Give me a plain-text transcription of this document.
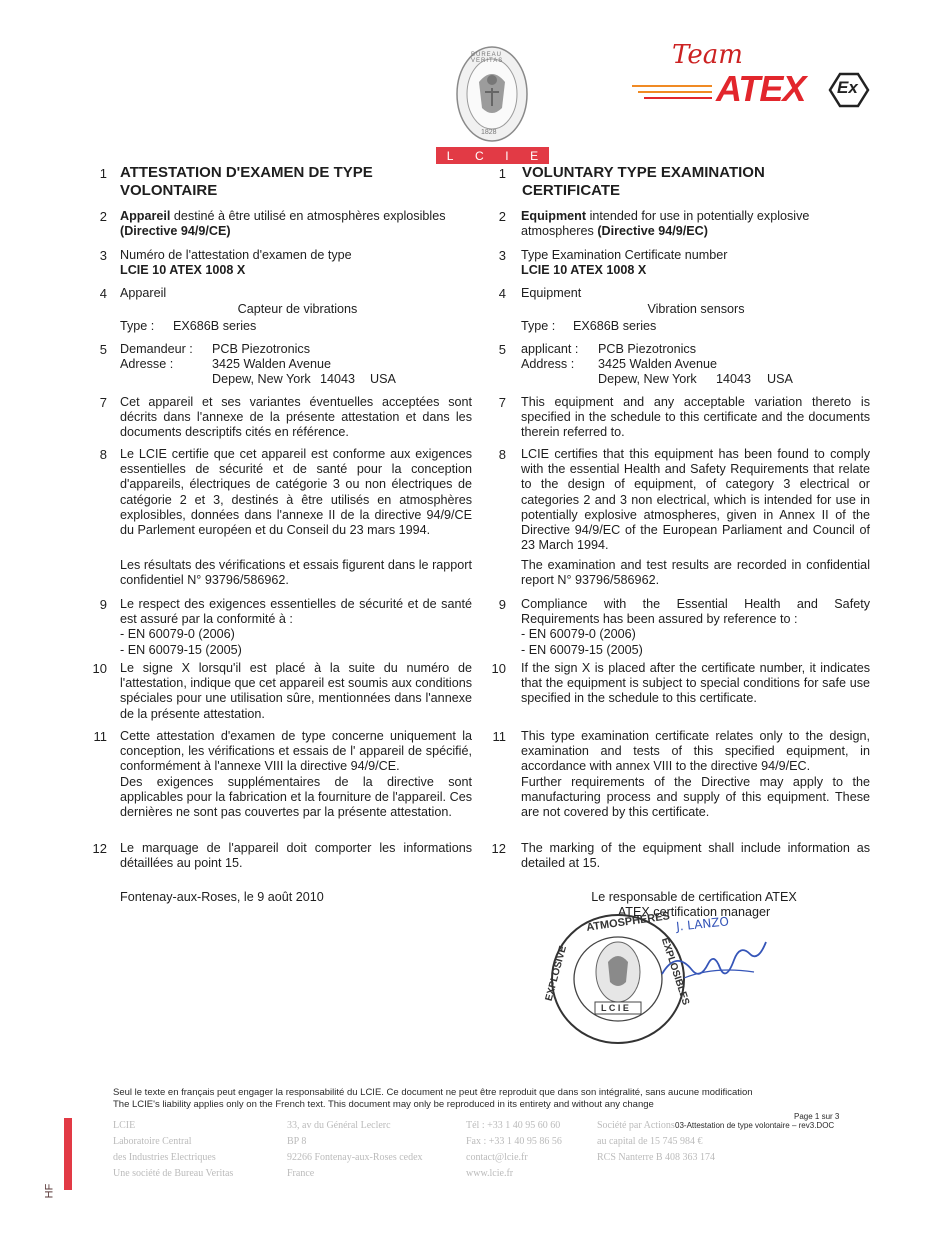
BUREAU VERITAS
1828
L C I E
Team
ATEX Ex
1 ATTESTATION D'EXAMEN DE TYPE VOLONTAIRE
2 Appareil destiné à être utilisé en atmosphères explosibles
(Directive 94/9/CE)
3 Numéro de l'attestation d'examen de type
LCIE 10 ATEX 1008 X
4 Appareil
Capteur de vibrations
Type : EX686B series
5 Demandeur : PCB Piezotronics
Adresse :	3425 Walden Avenue
Depew, New York 14043 USA
7 Cet appareil et ses variantes éventuelles acceptées sont décrits dans l'annexe de la présente attestation et dans les documents descriptifs cités en référence.
8 Le LCIE certifie que cet appareil est conforme aux exigences essentielles de sécurité et de santé pour la conception d'appareils, électriques de catégorie 3 ou non électriques de catégorie 2 et 3, destinés à être utilisés en atmosphères explosibles, données dans l'annexe II de la directive 94/9/CE du Parlement européen et du Conseil du 23 mars 1994.
Les résultats des vérifications et essais figurent dans le rapport confidentiel N° 93796/586962.
9 Le respect des exigences essentielles de sécurité et de santé est assuré par la conformité à :
- EN 60079-0 (2006)
- EN 60079-15 (2005)
10 Le signe X lorsqu'il est placé à la suite du numéro de l'attestation, indique que cet appareil est soumis aux conditions spéciales pour une utilisation sûre, mentionnées dans l'annexe de la présente attestation.
11 Cette attestation d'examen de type concerne uniquement la conception, les vérifications et essais de l' appareil de spécifié, conformément à l'annexe VIII la directive 94/9/CE.
Des exigences supplémentaires de la directive sont applicables pour la fabrication et la fourniture de l'appareil. Ces dernières ne sont pas couvertes par la présente attestation.
12 Le marquage de l'appareil doit comporter les informations détaillées au point 15.
Fontenay-aux-Roses, le 9 août 2010
1 VOLUNTARY TYPE EXAMINATION CERTIFICATE
2 Equipment intended for use in potentially explosive atmospheres (Directive 94/9/EC)
3 Type Examination Certificate number
LCIE 10 ATEX 1008 X
4 Equipment
Vibration sensors
Type : EX686B series
5 applicant : PCB Piezotronics
Address : 3425 Walden Avenue
Depew, New York 14043 USA
7 This equipment and any acceptable variation thereto is specified in the schedule to this certificate and the documents therein referred to.
8 LCIE certifies that this equipment has been found to comply with the essential Health and Safety Requirements that relate to the design of equipment, of category 3 electrical or categories 2 and 3 non electrical, which is intended for use in potentially explosive atmospheres, given in Annex II of the Directive 94/9/EC of the European Parliament and Council of 23 March 1994.
The examination and test results are recorded in confidential report N° 93796/586962.
9 Compliance with the Essential Health and Safety Requirements has been assured by reference to :
- EN 60079-0 (2006)
- EN 60079-15 (2005)
10 If the sign X is placed after the certificate number, it indicates that the equipment is subject to special conditions for safe use specified in the schedule to this certificate.
11 This type examination certificate relates only to the design, examination and tests of this specified equipment, in accordance with annex VIII to the directive 94/9/EC.
Further requirements of the Directive may apply to the manufacturing process and supply of this equipment. These are not covered by this certificate.
12 The marking of the equipment shall include information as detailed at 15.
Le responsable de certification ATEX
ATEX certification manager
ATMOSPHERES
EXPLOSIVE	EXPLOSIBLES
L C I E
J. LANZO
Seul le texte en français peut engager la responsabilité du LCIE. Ce document ne peut être reproduit que dans son intégralité, sans aucune modification
The LCIE's liability applies only on the French text. This document may only be reproduced in its entirety and without any change
Page 1 sur 3
03-Attestation de type volontaire – rev3.DOC
HF
LCIE
Laboratoire Central
des Industries Electriques
Une société de Bureau Veritas
33, av du Général Leclerc
BP 8
92266 Fontenay-aux-Roses cedex
France
Tél : +33 1 40 95 60 60
Fax : +33 1 40 95 86 56
contact@lcie.fr
www.lcie.fr
Société par Actions
au capital de 15 745 984 €
RCS Nanterre B 408 363 174
